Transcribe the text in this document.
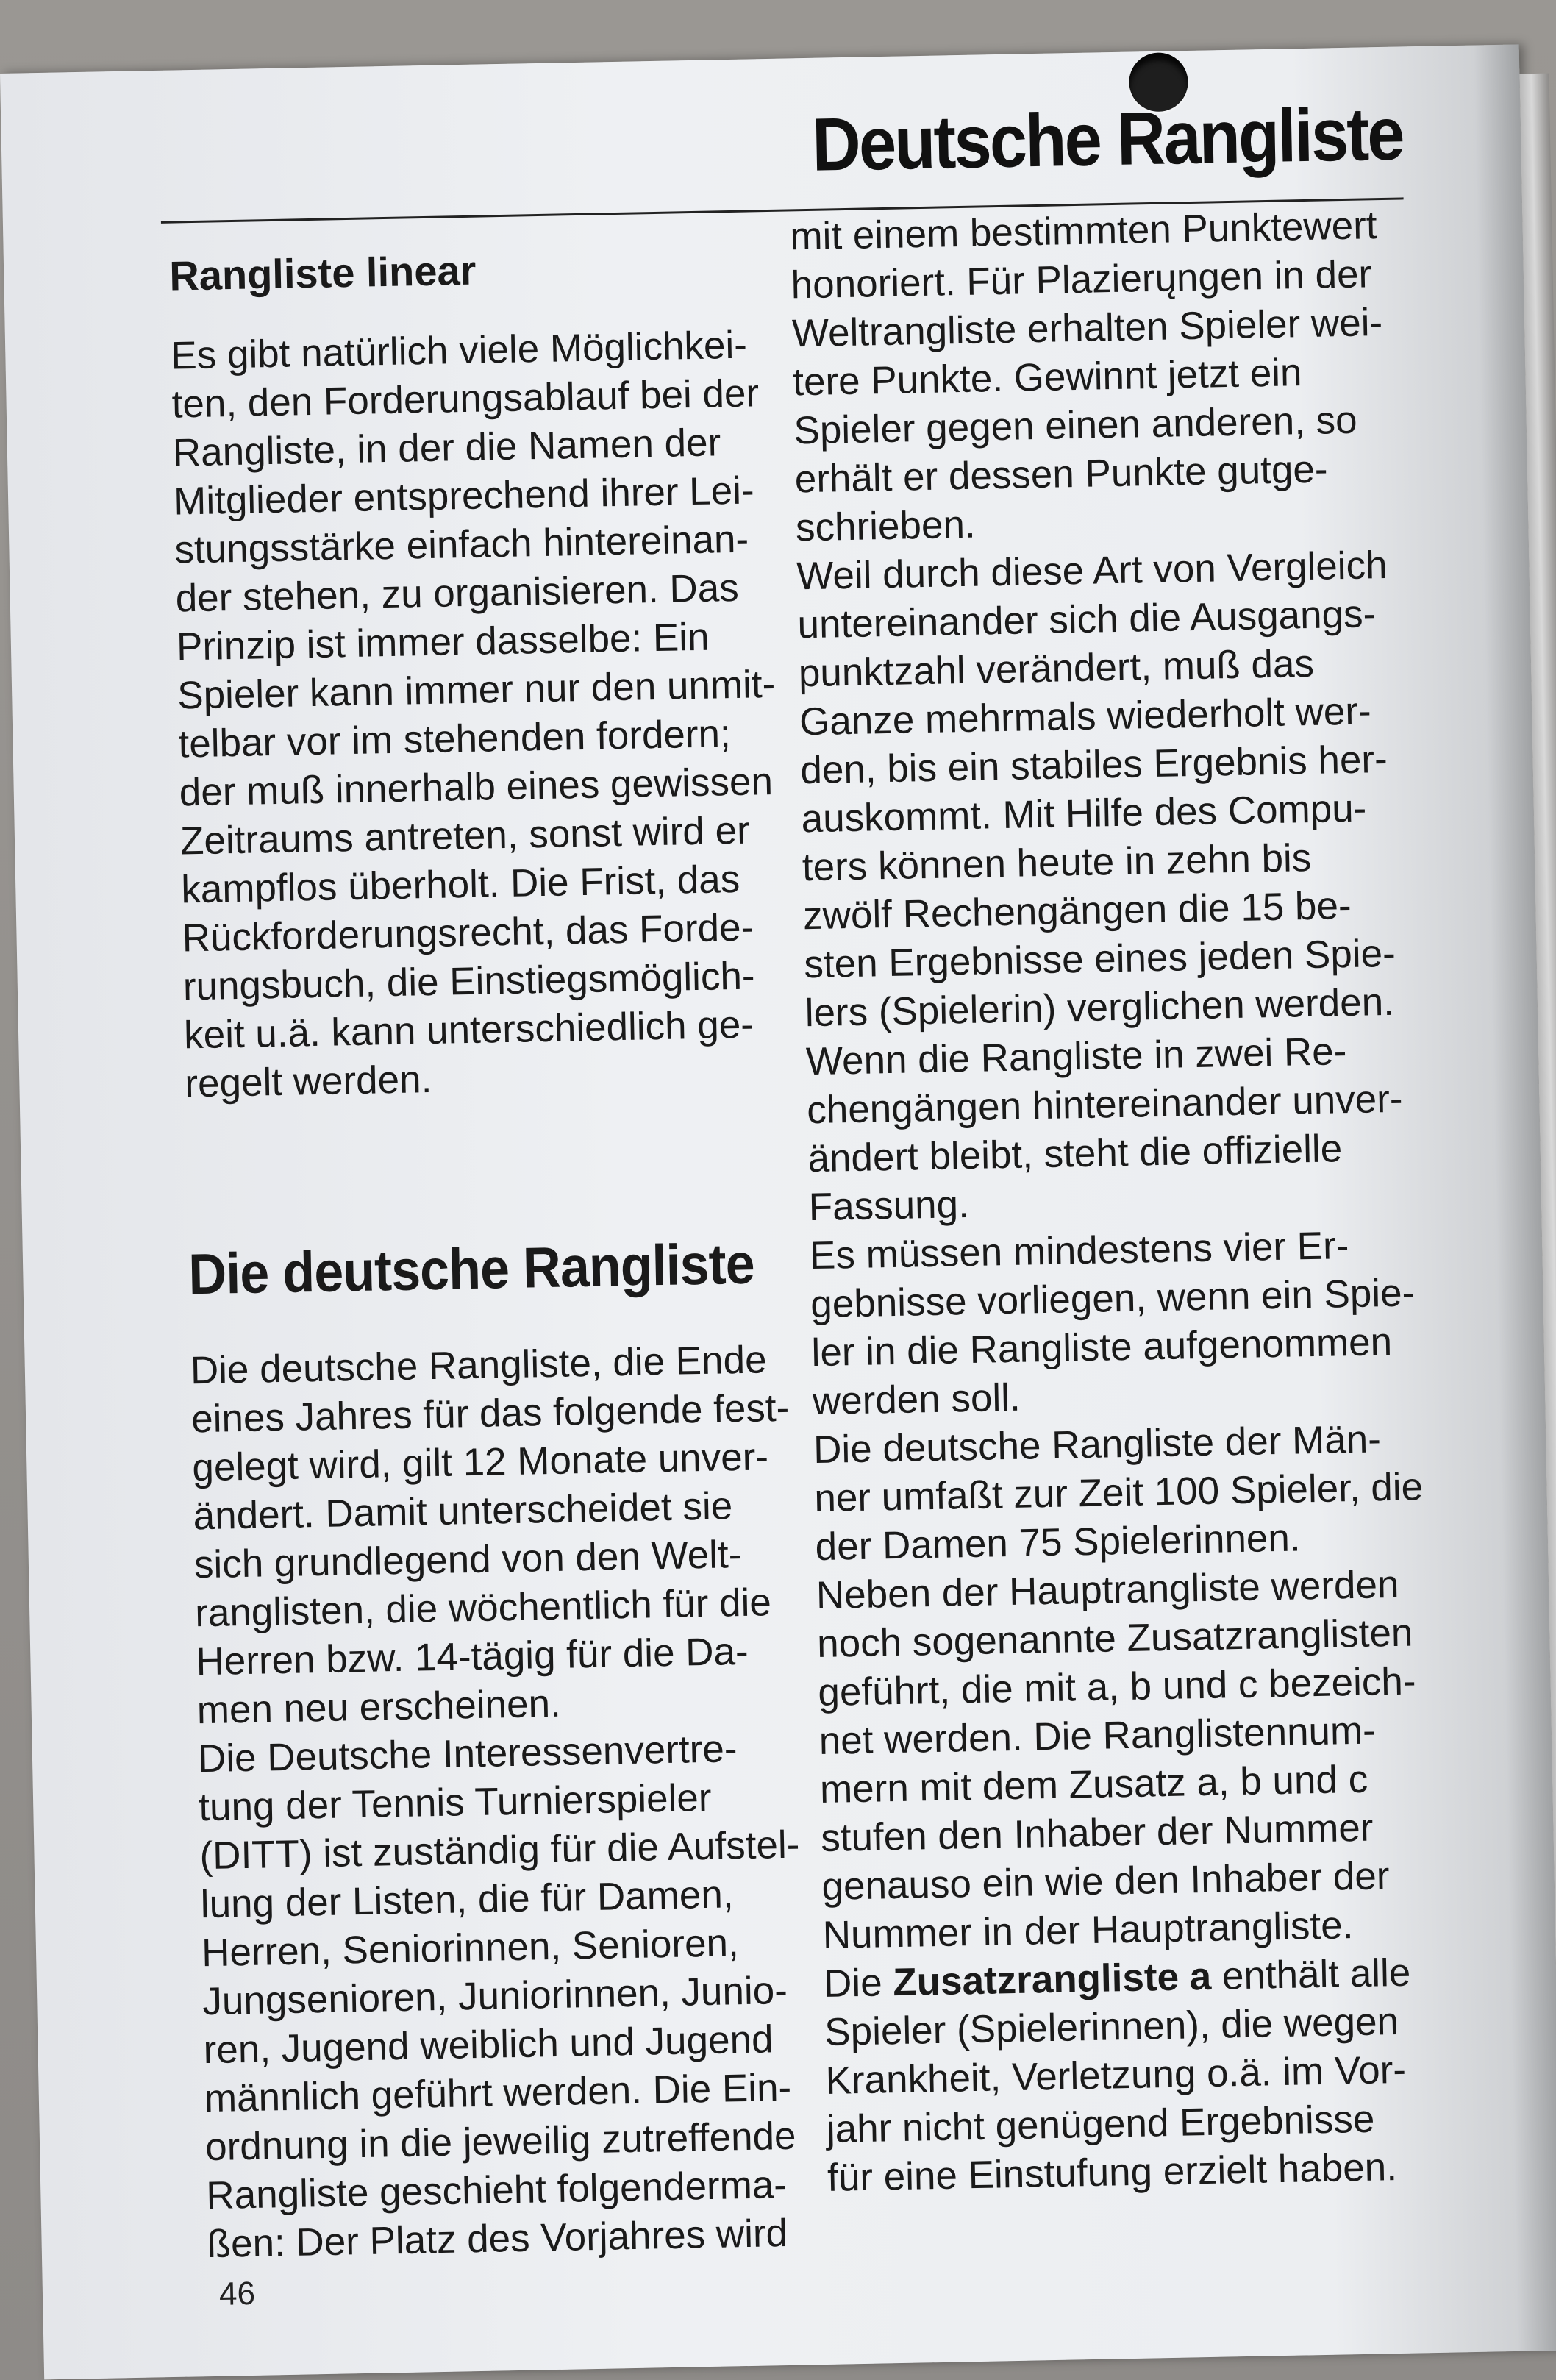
Deutsche Rangliste
Rangliste linear

Es gibt natürlich viele Möglichkei-
ten, den Forderungsablauf bei der
Rangliste, in der die Namen der
Mitglieder entsprechend ihrer Lei-
stungsstärke einfach hintereinan-
der stehen, zu organisieren. Das
Prinzip ist immer dasselbe: Ein
Spieler kann immer nur den unmit-
telbar vor im stehenden fordern;
der muß innerhalb eines gewissen
Zeitraums antreten, sonst wird er
kampflos überholt. Die Frist, das
Rückforderungsrecht, das Forde-
rungsbuch, die Einstiegsmöglich-
keit u.ä. kann unterschiedlich ge-
regelt werden.

Die deutsche Rangliste

Die deutsche Rangliste, die Ende
eines Jahres für das folgende fest-
gelegt wird, gilt 12 Monate unver-
ändert. Damit unterscheidet sie
sich grundlegend von den Welt-
ranglisten, die wöchentlich für die
Herren bzw. 14-tägig für die Da-
men neu erscheinen.

Die Deutsche Interessenvertre-
tung der Tennis Turnierspieler
(DITT) ist zuständig für die Aufstel-
lung der Listen, die für Damen,
Herren, Seniorinnen, Senioren,
Jungsenioren, Juniorinnen, Junio-
ren, Jugend weiblich und Jugend
männlich geführt werden. Die Ein-
ordnung in die jeweilig zutreffende
Rangliste geschieht folgenderma-
ßen: Der Platz des Vorjahres wird

mit einem bestimmten Punktewert
honoriert. Für Plazierųngen in der
Weltrangliste erhalten Spieler wei-
tere Punkte. Gewinnt jetzt ein
Spieler gegen einen anderen, so
erhält er dessen Punkte gutge-
schrieben.

Weil durch diese Art von Vergleich
untereinander sich die Ausgangs-
punktzahl verändert, muß das
Ganze mehrmals wiederholt wer-
den, bis ein stabiles Ergebnis her-
auskommt. Mit Hilfe des Compu-
ters können heute in zehn bis
zwölf Rechengängen die 15 be-
sten Ergebnisse eines jeden Spie-
lers (Spielerin) verglichen werden.
Wenn die Rangliste in zwei Re-
chengängen hintereinander unver-
ändert bleibt, steht die offizielle
Fassung.

Es müssen mindestens vier Er-
gebnisse vorliegen, wenn ein Spie-
ler in die Rangliste aufgenommen
werden soll.

Die deutsche Rangliste der Män-
ner umfaßt zur Zeit 100 Spieler, die
der Damen 75 Spielerinnen.

Neben der Hauptrangliste werden
noch sogenannte Zusatzranglisten
geführt, die mit a, b und c bezeich-
net werden. Die Ranglistennum-
mern mit dem Zusatz a, b und c
stufen den Inhaber der Nummer
genauso ein wie den Inhaber der
Nummer in der Hauptrangliste.

Die Zusatzrangliste a enthält alle
Spieler (Spielerinnen), die wegen
Krankheit, Verletzung o.ä. im Vor-
jahr nicht genügend Ergebnisse
für eine Einstufung erzielt haben.

46
